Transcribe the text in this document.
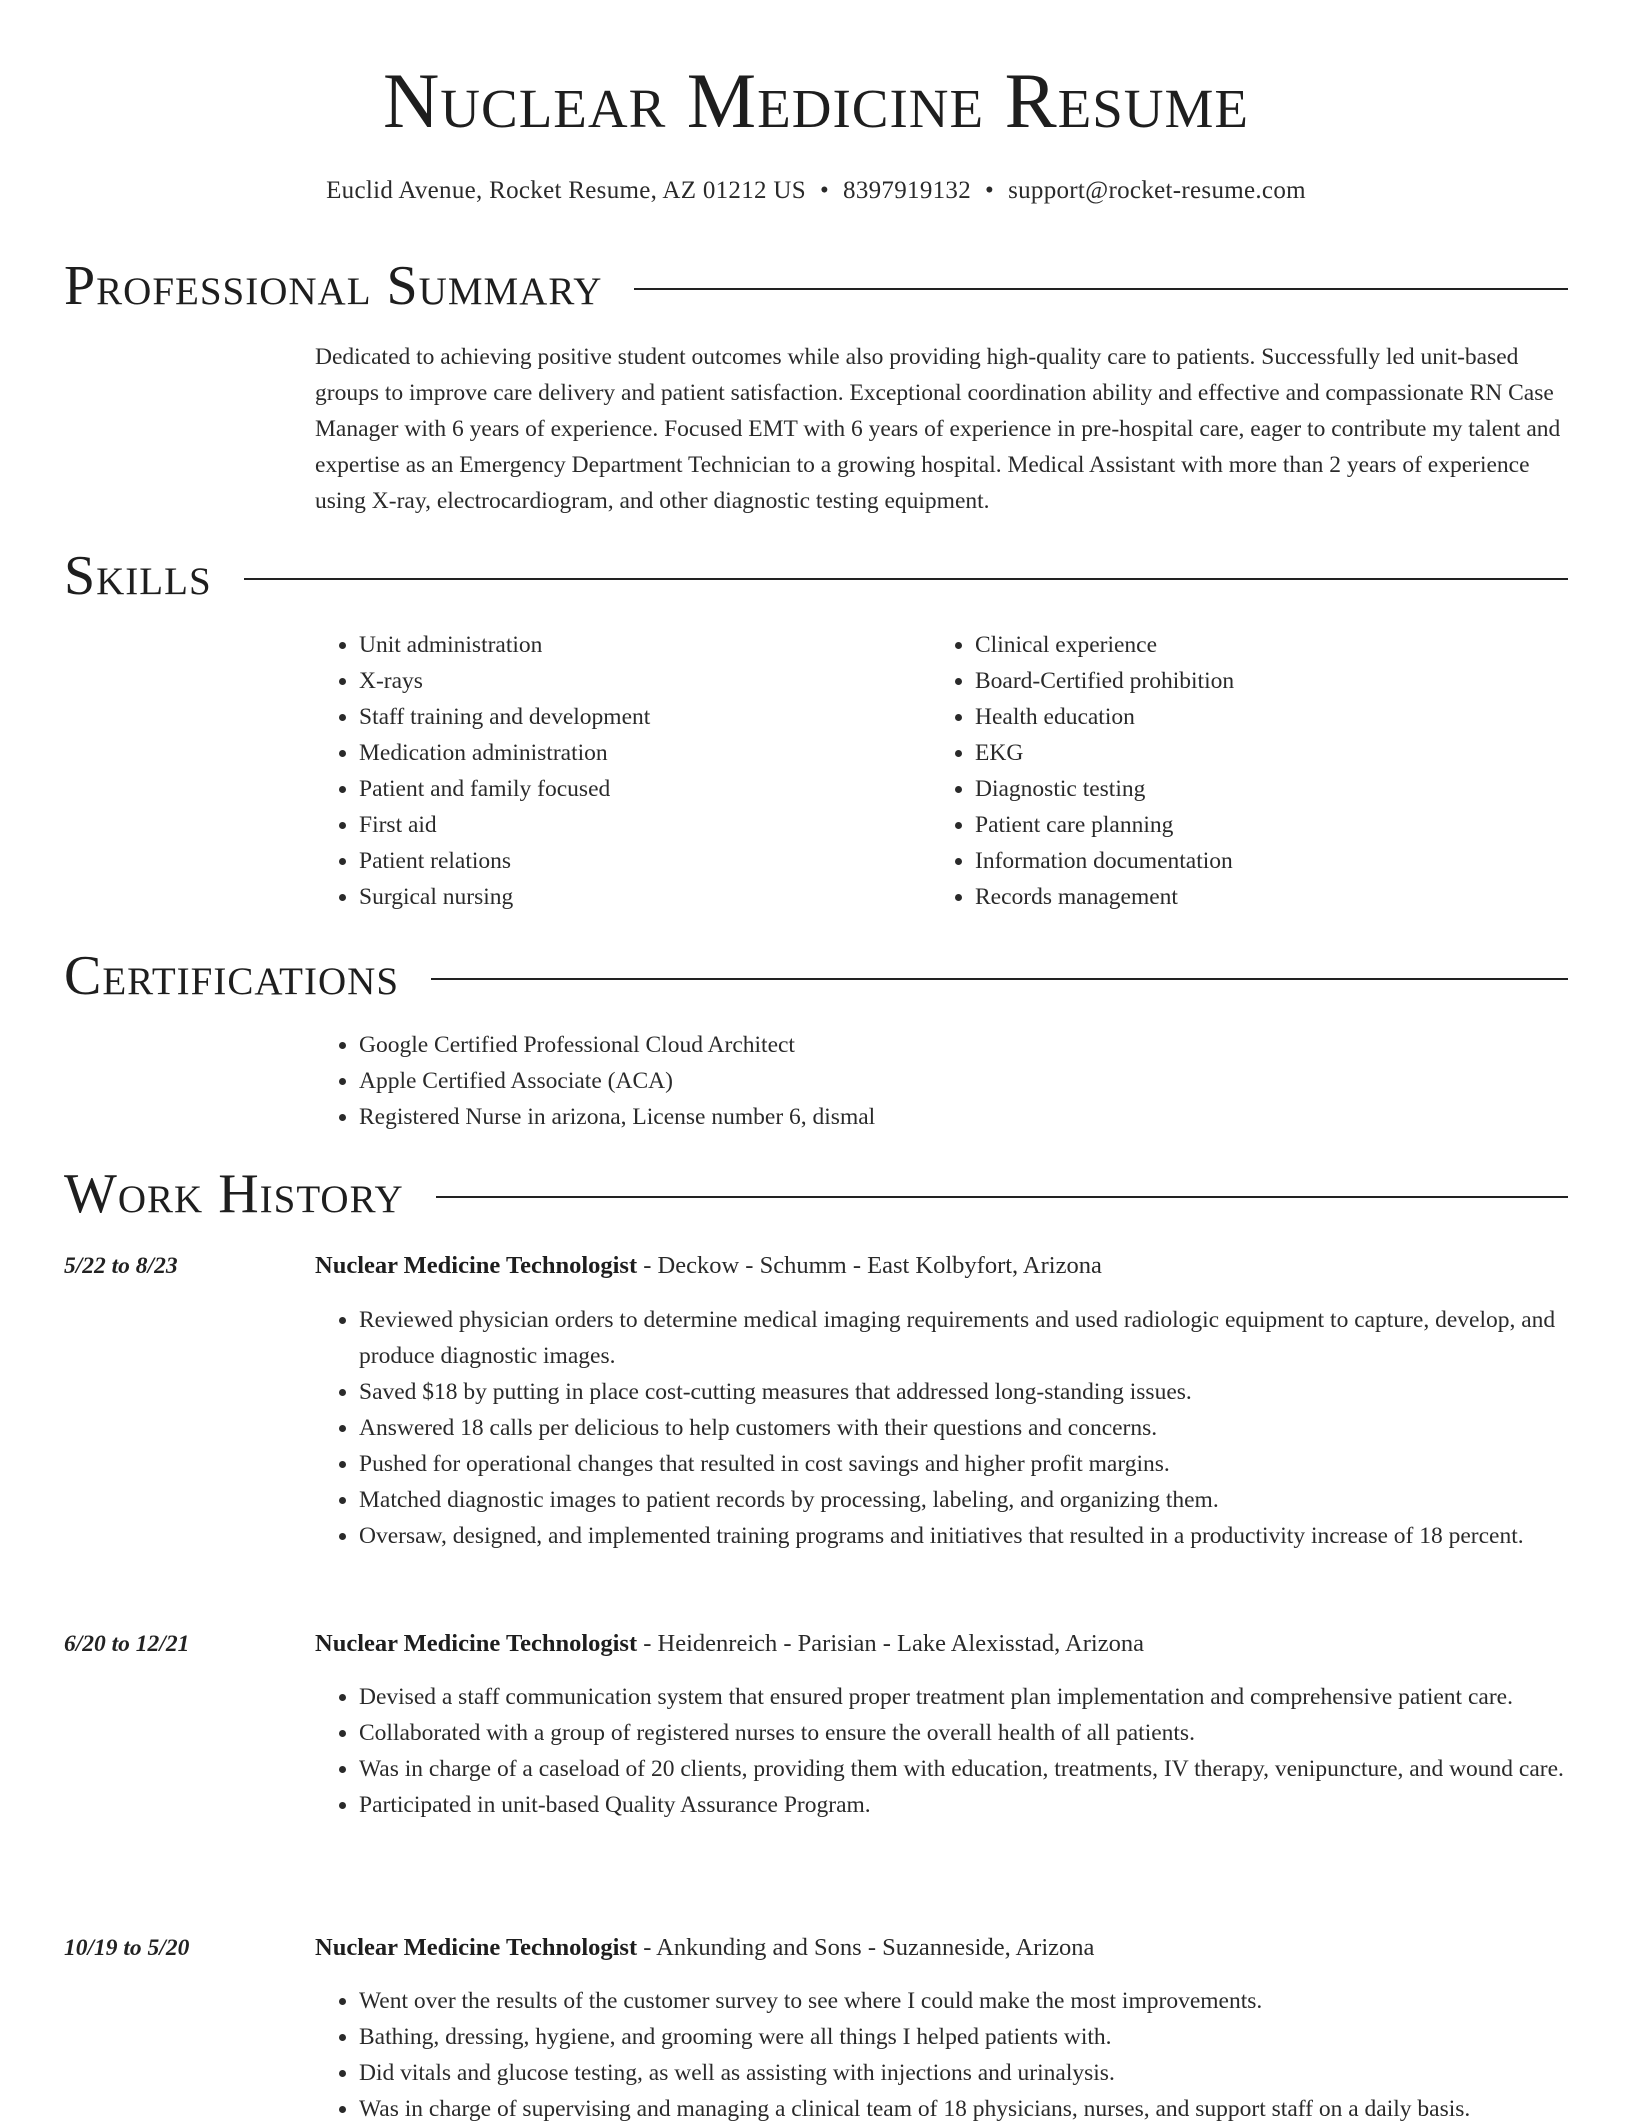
Nuclear Medicine Resume
Euclid Avenue, Rocket Resume, AZ 01212 US • 8397919132 • support@rocket-resume.com
Professional Summary

Dedicated to achieving positive student outcomes while also providing high-quality care to patients. Successfully led unit-based groups to improve care delivery and patient satisfaction. Exceptional coordination ability and effective and compassionate RN Case Manager with 6 years of experience. Focused EMT with 6 years of experience in pre-hospital care, eager to contribute my talent and expertise as an Emergency Department Technician to a growing hospital. Medical Assistant with more than 2 years of experience using X-ray, electrocardiogram, and other diagnostic testing equipment.

Skills
• Unit administration
• X-rays
• Staff training and development
• Medication administration
• Patient and family focused
• First aid
• Patient relations
• Surgical nursing
• Clinical experience
• Board-Certified prohibition
• Health education
• EKG
• Diagnostic testing
• Patient care planning
• Information documentation
• Records management
Certifications
• Google Certified Professional Cloud Architect
• Apple Certified Associate (ACA)
• Registered Nurse in arizona, License number 6, dismal
Work History
5/22 to 8/23	Nuclear Medicine Technologist - Deckow - Schumm - East Kolbyfort, Arizona
• Reviewed physician orders to determine medical imaging requirements and used radiologic equipment to capture, develop, and produce diagnostic images.
• Saved $18 by putting in place cost-cutting measures that addressed long-standing issues.
• Answered 18 calls per delicious to help customers with their questions and concerns.
• Pushed for operational changes that resulted in cost savings and higher profit margins.
• Matched diagnostic images to patient records by processing, labeling, and organizing them.
• Oversaw, designed, and implemented training programs and initiatives that resulted in a productivity increase of 18 percent.
6/20 to 12/21	Nuclear Medicine Technologist - Heidenreich - Parisian - Lake Alexisstad, Arizona
• Devised a staff communication system that ensured proper treatment plan implementation and comprehensive patient care.
• Collaborated with a group of registered nurses to ensure the overall health of all patients.
• Was in charge of a caseload of 20 clients, providing them with education, treatments, IV therapy, venipuncture, and wound care.
• Participated in unit-based Quality Assurance Program.
10/19 to 5/20	Nuclear Medicine Technologist - Ankunding and Sons - Suzanneside, Arizona
• Went over the results of the customer survey to see where I could make the most improvements.
• Bathing, dressing, hygiene, and grooming were all things I helped patients with.
• Did vitals and glucose testing, as well as assisting with injections and urinalysis.
• Was in charge of supervising and managing a clinical team of 18 physicians, nurses, and support staff on a daily basis.
